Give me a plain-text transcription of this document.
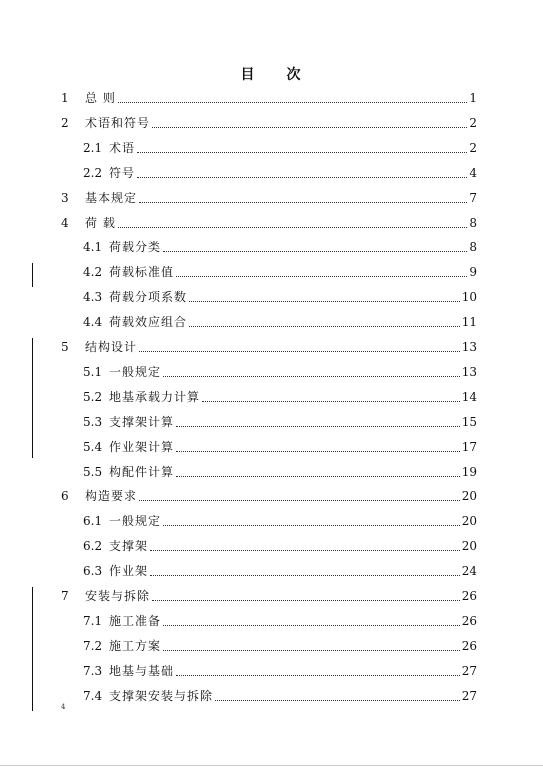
目 次
1	总 则	1
2	术语和符号	2
2.1 术语	2
2.2 符号	4
3	基本规定	7
4	荷 载	8
4.1 荷载分类	8
4.2 荷载标准值	9
4.3 荷载分项系数	10
4.4 荷载效应组合	11
5	结构设计	13
5.1 一般规定	13
5.2 地基承载力计算	14
5.3 支撑架计算	15
5.4 作业架计算	17
5.5 构配件计算	19
6	构造要求	20
6.1 一般规定	20
6.2 支撑架	20
6.3 作业架	24
7	安装与拆除	26
7.1 施工准备	26
7.2 施工方案	26
7.3 地基与基础	27
7.4 支撑架安装与拆除	27
4
